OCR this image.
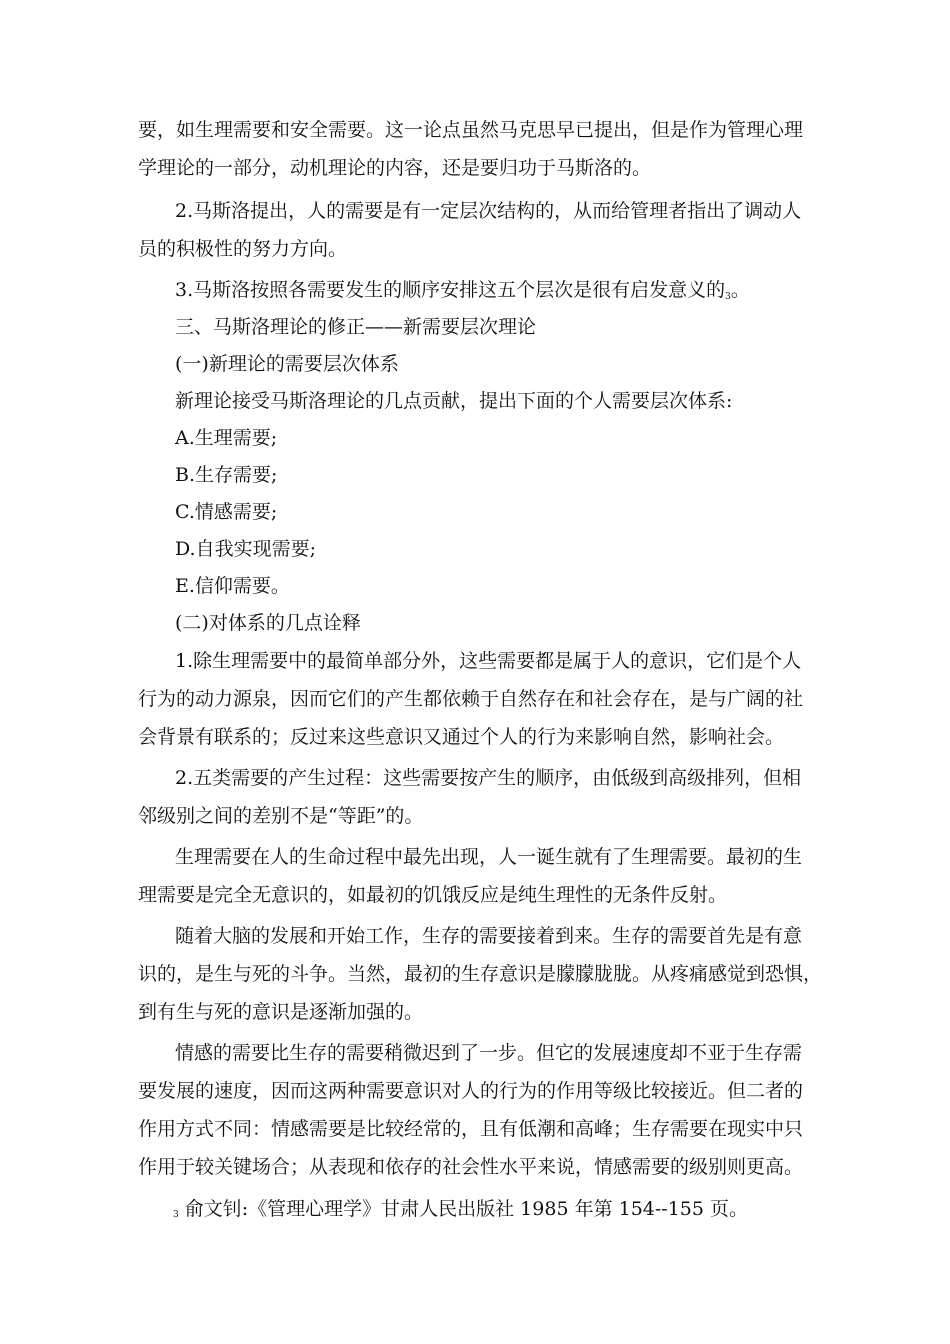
要，如生理需要和安全需要。这一论点虽然马克思早已提出，但是作为管理心理

学理论的一部分，动机理论的内容，还是要归功于马斯洛的。

2.马斯洛提出，人的需要是有一定层次结构的，从而给管理者指出了调动人

员的积极性的努力方向。

3.马斯洛按照各需要发生的顺序安排这五个层次是很有启发意义的$^3$。

三、马斯洛理论的修正——新需要层次理论

(一)新理论的需要层次体系

新理论接受马斯洛理论的几点贡献，提出下面的个人需要层次体系:

A.生理需要;

B.生存需要;

C.情感需要;

D.自我实现需要;

E.信仰需要。

(二)对体系的几点诠释

1.除生理需要中的最简单部分外，这些需要都是属于人的意识，它们是个人

行为的动力源泉，因而它们的产生都依赖于自然存在和社会存在，是与广阔的社

会背景有联系的；反过来这些意识又通过个人的行为来影响自然，影响社会。

2.五类需要的产生过程：这些需要按产生的顺序，由低级到高级排列，但相

邻级别之间的差别不是“等距”的。

生理需要在人的生命过程中最先出现，人一诞生就有了生理需要。最初的生

理需要是完全无意识的，如最初的饥饿反应是纯生理性的无条件反射。

随着大脑的发展和开始工作，生存的需要接着到来。生存的需要首先是有意

识的，是生与死的斗争。当然，最初的生存意识是朦朦胧胧。从疼痛感觉到恐惧，

到有生与死的意识是逐渐加强的。

情感的需要比生存的需要稍微迟到了一步。但它的发展速度却不亚于生存需

要发展的速度，因而这两种需要意识对人的行为的作用等级比较接近。但二者的

作用方式不同：情感需要是比较经常的，且有低潮和高峰；生存需要在现实中只

作用于较关键场合；从表现和依存的社会性水平来说，情感需要的级别则更高。

3 俞文钊:《管理心理学》甘肃人民出版社 1985 年第 154--155 页。
